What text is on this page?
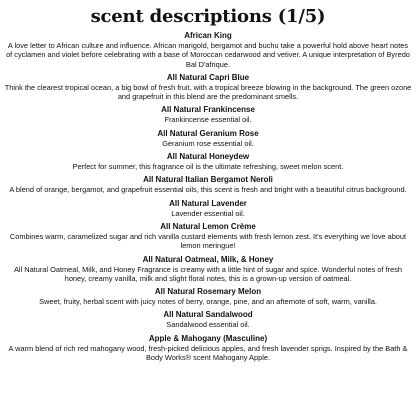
scent descriptions (1/5)
African King
A love letter to African culture and influence. African marigold, bergamot and buchu take a powerful hold above heart notes of cyclamen and violet before celebrating with a base of Moroccan cedarwood and vetiver. A unique interpretation of Byredo Bal D'afrique.
All Natural Capri Blue
Think the clearest tropical ocean, a big bowl of fresh fruit, with a tropical breeze blowing in the background. The green ozone and grapefruit in this blend are the predominant smells.
All Natural Frankincense
Frankincense essential oil.
All Natural Geranium Rose
Geranium rose essential oil.
All Natural Honeydew
Perfect for summer, this fragrance oil is the ultimate refreshing, sweet melon scent.
All Natural Italian Bergamot Neroli
A blend of orange, bergamot, and grapefruit essential oils, this scent is fresh and bright with a beautiful citrus background.
All Natural Lavender
Lavender essential oil.
All Natural Lemon Crème
Combines warm, caramelized sugar and rich vanilla custard elements with fresh lemon zest. It's everything we love about lemon meringue!
All Natural Oatmeal, Milk, & Honey
All Natural Oatmeal, Milk, and Honey Fragrance is creamy with a little hint of sugar and spice. Wonderful notes of fresh honey, creamy vanilla, milk and slight floral notes, this is a grown-up version of oatmeal.
All Natural Rosemary Melon
Sweet, fruity, herbal scent with juicy notes of berry, orange, pine, and an afternote of soft, warm, vanilla.
All Natural Sandalwood
Sandalwood essential oil.
Apple & Mahogany (Masculine)
A warm blend of rich red mahogany wood, fresh-picked delicious apples, and fresh lavender sprigs. Inspired by the Bath & Body Works® scent Mahogany Apple.
